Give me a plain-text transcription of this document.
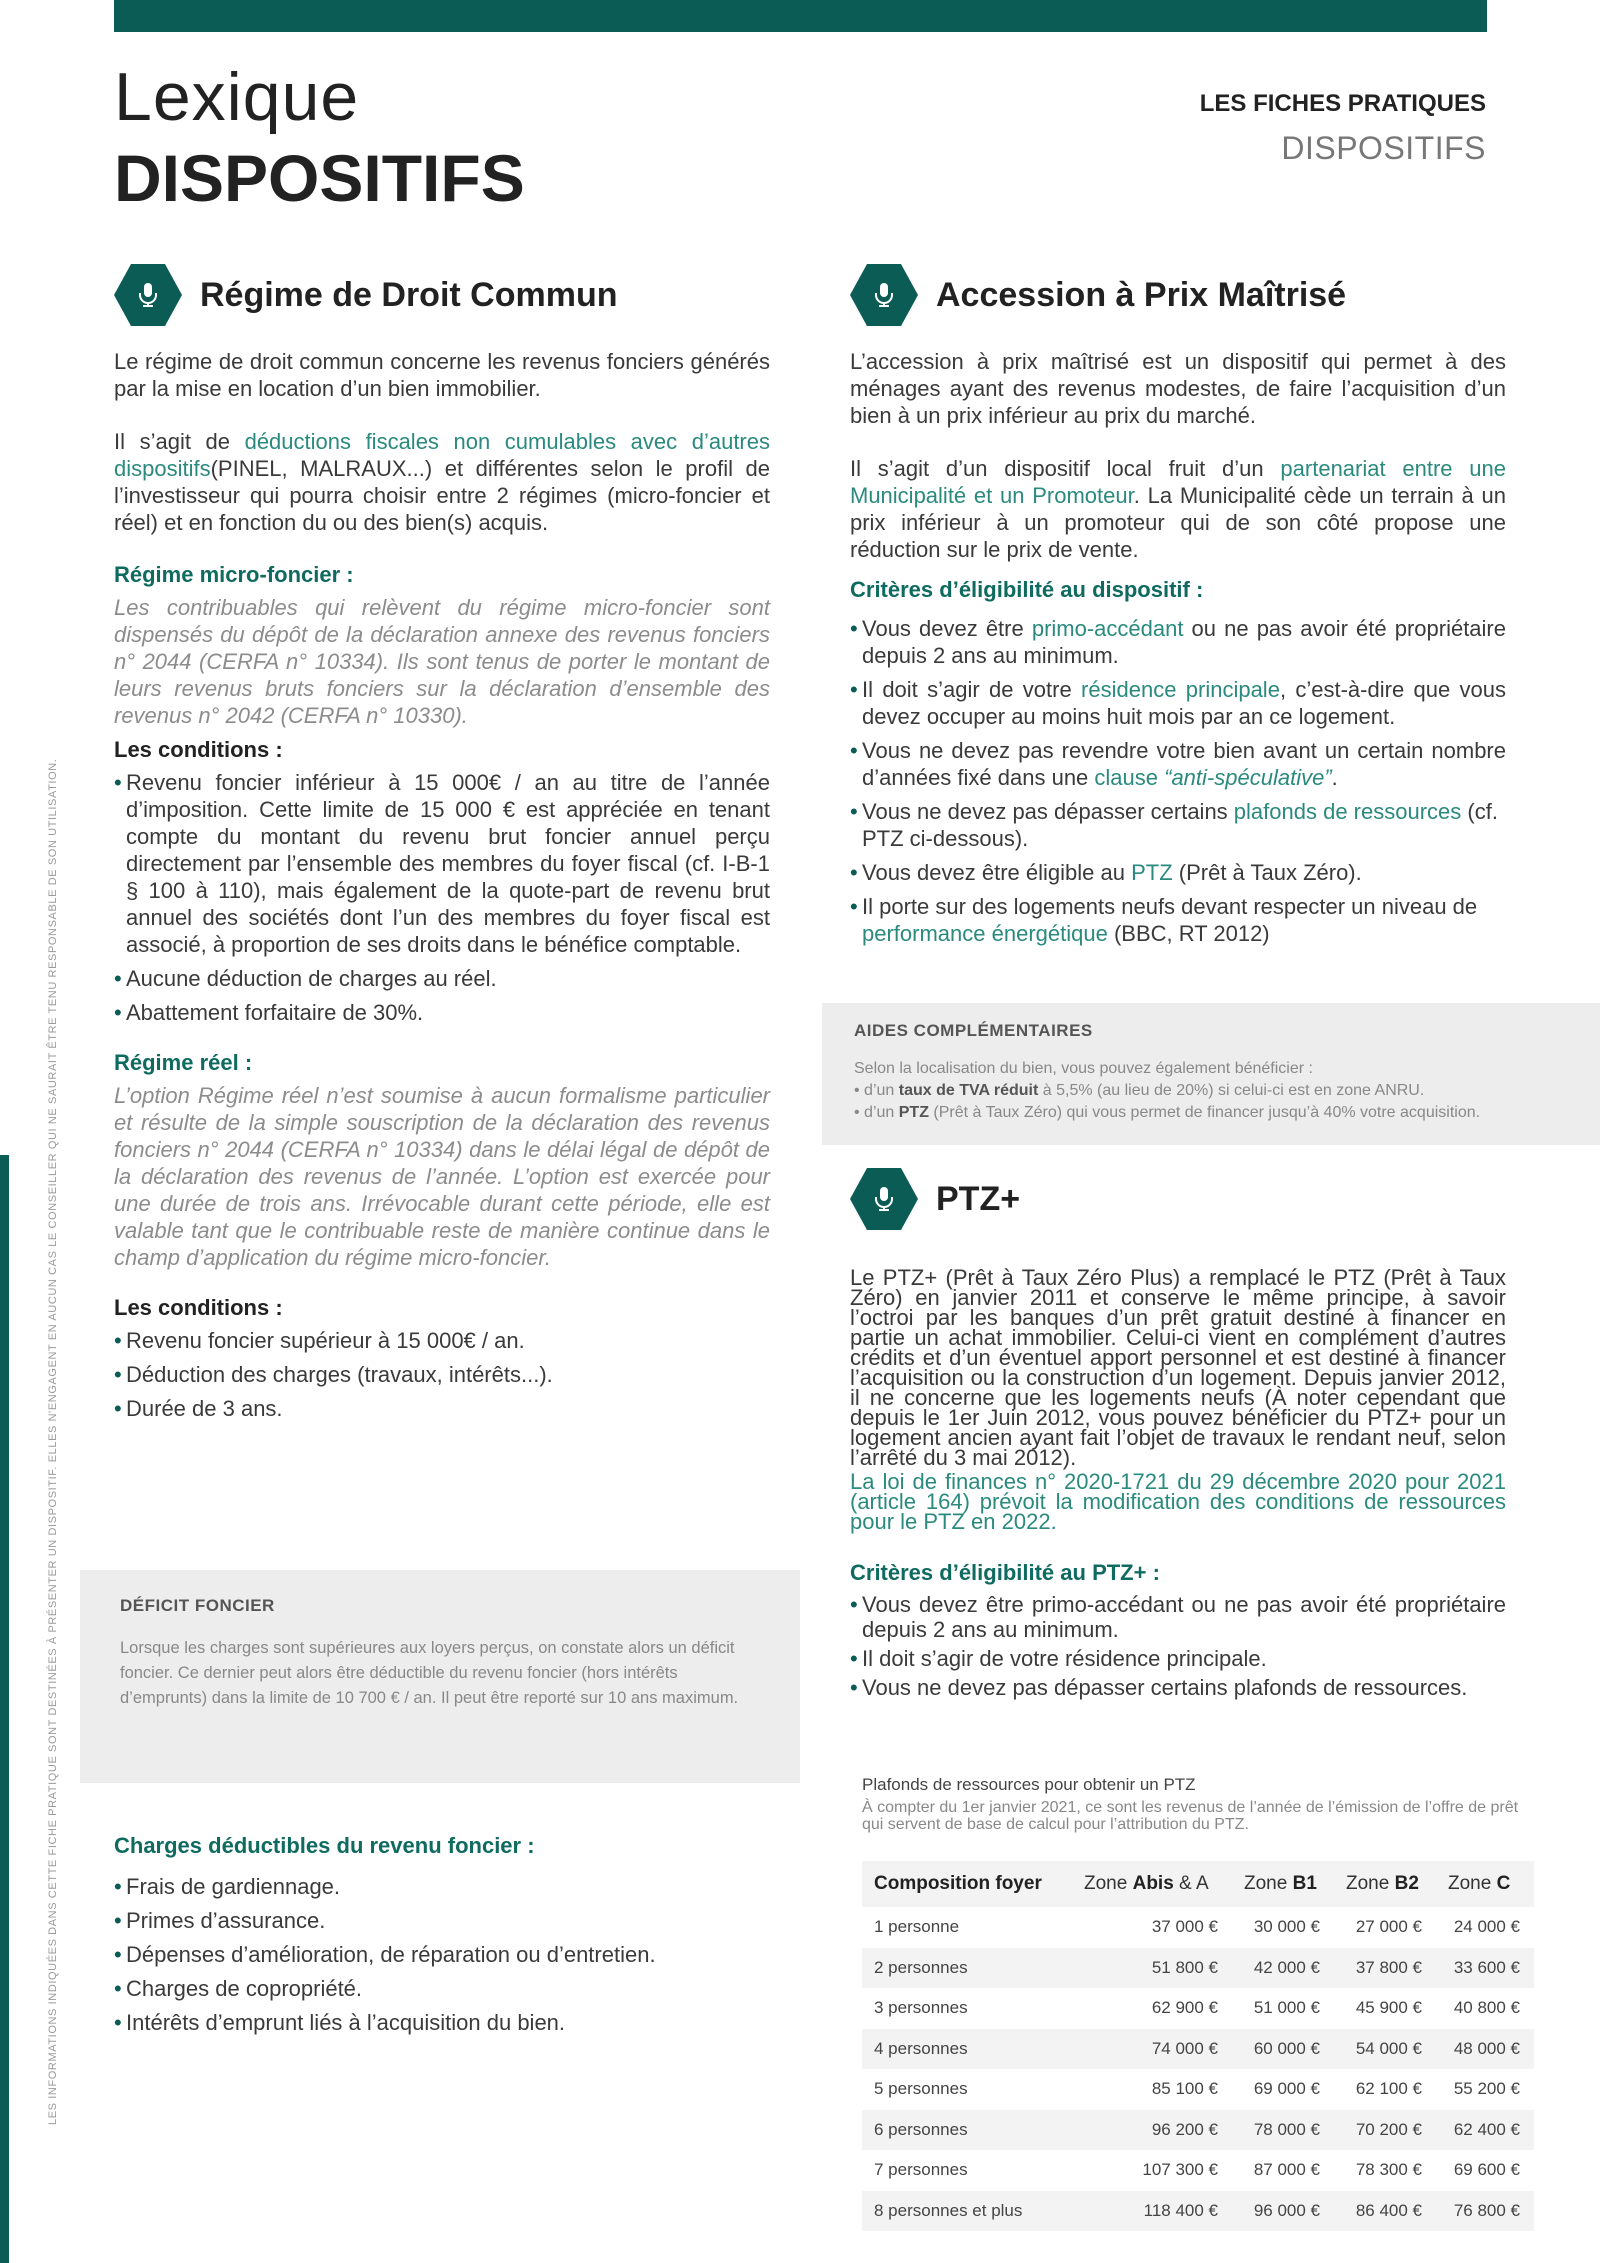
LES INFORMATIONS INDIQUÉES DANS CETTE FICHE PRATIQUE SONT DESTINÉES À PRÉSENTER UN DISPOSITIF. ELLES N'ENGAGENT EN AUCUN CAS LE CONSEILLER QUI NE SAURAIT ÊTRE TENU RESPONSABLE DE SON UTILISATION.
Lexique
DISPOSITIFS
LES FICHES PRATIQUES
DISPOSITIFS
Régime de Droit Commun

Le régime de droit commun concerne les revenus fonciers générés par la mise en location d’un bien immobilier.

Il s’agit de déductions fiscales non cumulables avec d’autres dispositifs(PINEL, MALRAUX...) et différentes selon le profil de l’investisseur qui pourra choisir entre 2 régimes (micro-foncier et réel) et en fonction du ou des bien(s) acquis.

Régime micro-foncier :

Les contribuables qui relèvent du régime micro-foncier sont dispensés du dépôt de la déclaration annexe des revenus fonciers n° 2044 (CERFA n° 10334). Ils sont tenus de porter le montant de leurs revenus bruts fonciers sur la déclaration d’ensemble des revenus n° 2042 (CERFA n° 10330).

Les conditions :
• Revenu foncier inférieur à 15 000€ / an au titre de l’année d’imposition. Cette limite de 15 000 € est appréciée en tenant compte du montant du revenu brut foncier annuel perçu directement par l’ensemble des membres du foyer fiscal (cf. I-B-1 § 100 à 110), mais également de la quote-part de revenu brut annuel des sociétés dont l’un des membres du foyer fiscal est associé, à proportion de ses droits dans le bénéfice comptable.
• Aucune déduction de charges au réel.
• Abattement forfaitaire de 30%.
Régime réel :

L’option Régime réel n’est soumise à aucun formalisme particulier et résulte de la simple souscription de la déclaration des revenus fonciers n° 2044 (CERFA n° 10334) dans le délai légal de dépôt de la déclaration des revenus de l’année. L’option est exercée pour une durée de trois ans. Irrévocable durant cette période, elle est valable tant que le contribuable reste de manière continue dans le champ d’application du régime micro-foncier.

Les conditions :
• Revenu foncier supérieur à 15 000€ / an.
• Déduction des charges (travaux, intérêts...).
• Durée de 3 ans.
DÉFICIT FONCIER

Lorsque les charges sont supérieures aux loyers perçus, on constate alors un déficit foncier. Ce dernier peut alors être déductible du revenu foncier (hors intérêts d’emprunts) dans la limite de 10 700 € / an. Il peut être reporté sur 10 ans maximum.

Charges déductibles du revenu foncier :
• Frais de gardiennage.
• Primes d’assurance.
• Dépenses d’amélioration, de réparation ou d’entretien.
• Charges de copropriété.
• Intérêts d’emprunt liés à l’acquisition du bien.
Accession à Prix Maîtrisé

L’accession à prix maîtrisé est un dispositif qui permet à des ménages ayant des revenus modestes, de faire l’acquisition d’un bien à un prix inférieur au prix du marché.

Il s’agit d’un dispositif local fruit d’un partenariat entre une Municipalité et un Promoteur. La Municipalité cède un terrain à un prix inférieur à un promoteur qui de son côté propose une réduction sur le prix de vente.

Critères d’éligibilité au dispositif :
• Vous devez être primo-accédant ou ne pas avoir été propriétaire depuis 2 ans au minimum.
• Il doit s’agir de votre résidence principale, c’est-à-dire que vous devez occuper au moins huit mois par an ce logement.
• Vous ne devez pas revendre votre bien avant un certain nombre d’années fixé dans une clause “anti-spéculative”.
• Vous ne devez pas dépasser certains plafonds de ressources (cf. PTZ ci-dessous).
• Vous devez être éligible au PTZ (Prêt à Taux Zéro).
• Il porte sur des logements neufs devant respecter un niveau de performance énergétique (BBC, RT 2012)
AIDES COMPLÉMENTAIRES

Selon la localisation du bien, vous pouvez également bénéficier :

• d’un taux de TVA réduit à 5,5% (au lieu de 20%) si celui-ci est en zone ANRU.

• d’un PTZ (Prêt à Taux Zéro) qui vous permet de financer jusqu’à 40% votre acquisition.

PTZ+

Le PTZ+ (Prêt à Taux Zéro Plus) a remplacé le PTZ (Prêt à Taux Zéro) en janvier 2011 et conserve le même principe, à savoir l’octroi par les banques d’un prêt gratuit destiné à financer en partie un achat immobilier. Celui-ci vient en complément d’autres crédits et d’un éventuel apport personnel et est destiné à financer l’acquisition ou la construction d’un logement. Depuis janvier 2012, il ne concerne que les logements neufs (À noter cependant que depuis le 1er Juin 2012, vous pouvez bénéficier du PTZ+ pour un logement ancien ayant fait l’objet de travaux le rendant neuf, selon l’arrêté du 3 mai 2012).

La loi de finances n° 2020-1721 du 29 décembre 2020 pour 2021 (article 164) prévoit la modification des conditions de ressources pour le PTZ en 2022.

Critères d’éligibilité au PTZ+ :
• Vous devez être primo-accédant ou ne pas avoir été propriétaire depuis 2 ans au minimum.
• Il doit s’agir de votre résidence principale.
• Vous ne devez pas dépasser certains plafonds de ressources.
Plafonds de ressources pour obtenir un PTZ

À compter du 1er janvier 2021, ce sont les revenus de l’année de l’émission de l’offre de prêt qui servent de base de calcul pour l’attribution du PTZ.

Composition foyer	Zone Abis & A	Zone B1	Zone B2	Zone C
1 personne	37 000 €	30 000 €	27 000 €	24 000 €
2 personnes	51 800 €	42 000 €	37 800 €	33 600 €
3 personnes	62 900 €	51 000 €	45 900 €	40 800 €
4 personnes	74 000 €	60 000 €	54 000 €	48 000 €
5 personnes	85 100 €	69 000 €	62 100 €	55 200 €
6 personnes	96 200 €	78 000 €	70 200 €	62 400 €
7 personnes	107 300 €	87 000 €	78 300 €	69 600 €
8 personnes et plus	118 400 €	96 000 €	86 400 €	76 800 €
